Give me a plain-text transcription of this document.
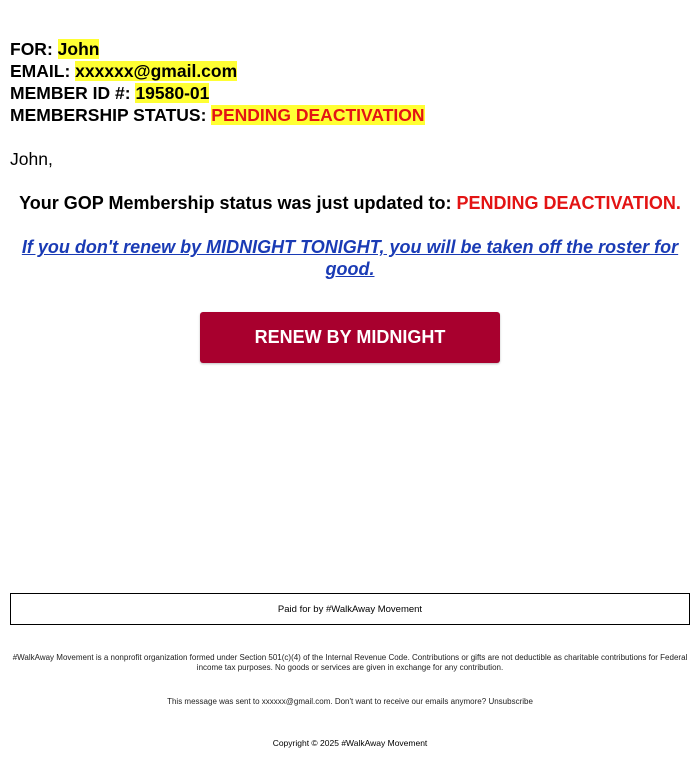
FOR: John
EMAIL: xxxxxx@gmail.com
MEMBER ID #: 19580-01
MEMBERSHIP STATUS: PENDING DEACTIVATION
John,
Your GOP Membership status was just updated to: PENDING DEACTIVATION.
If you don't renew by MIDNIGHT TONIGHT, you will be taken off the roster for good.
RENEW BY MIDNIGHT
Paid for by #WalkAway Movement
#WalkAway Movement is a nonprofit organization formed under Section 501(c)(4) of the Internal Revenue Code. Contributions or gifts are not deductible as charitable contributions for Federal income tax purposes. No goods or services are given in exchange for any contribution.
This message was sent to xxxxxx@gmail.com. Don't want to receive our emails anymore? Unsubscribe
Copyright © 2025 #WalkAway Movement
